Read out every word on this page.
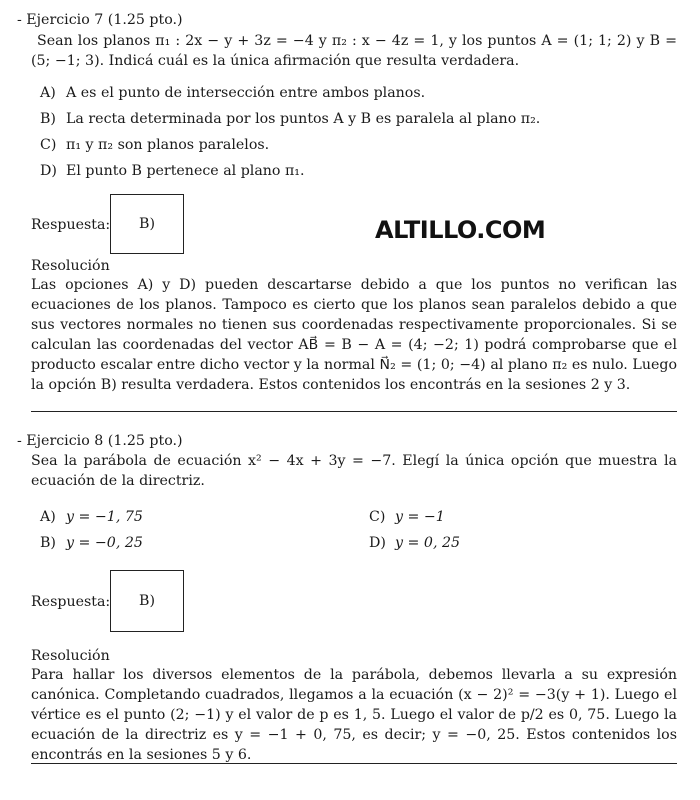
- Ejercicio 7 (1.25 pto.)
Sean los planos π₁ : 2x − y + 3z = −4 y π₂ : x − 4z = 1, y los puntos A = (1; 1; 2) y B = (5; −1; 3). Indicá cuál es la única afirmación que resulta verdadera.
A) A es el punto de intersección entre ambos planos.
B) La recta determinada por los puntos A y B es paralela al plano π₂.
C) π₁ y π₂ son planos paralelos.
D) El punto B pertenece al plano π₁.
Respuesta: B)	ALTILLO.COM
Resolución
Las opciones A) y D) pueden descartarse debido a que los puntos no verifican las ecuaciones de los planos. Tampoco es cierto que los planos sean paralelos debido a que sus vectores normales no tienen sus coordenadas respectivamente proporcionales. Si se calculan las coordenadas del vector AB⃗ = B − A = (4; −2; 1) podrá comprobarse que el producto escalar entre dicho vector y la normal N⃗₂ = (1; 0; −4) al plano π₂ es nulo. Luego la opción B) resulta verdadera. Estos contenidos los encontrás en la sesiones 2 y 3.
- Ejercicio 8 (1.25 pto.)
Sea la parábola de ecuación x² − 4x + 3y = −7. Elegí la única opción que muestra la ecuación de la directriz.
A) y = −1, 75	C) y = −1
B) y = −0, 25	D) y = 0, 25
Respuesta: B)
Resolución
Para hallar los diversos elementos de la parábola, debemos llevarla a su expresión canónica. Completando cuadrados, llegamos a la ecuación (x − 2)² = −3(y + 1). Luego el vértice es el punto (2; −1) y el valor de p es 1, 5. Luego el valor de p/2 es 0, 75. Luego la ecuación de la directriz es y = −1 + 0, 75, es decir; y = −0, 25. Estos contenidos los encontrás en la sesiones 5 y 6.
